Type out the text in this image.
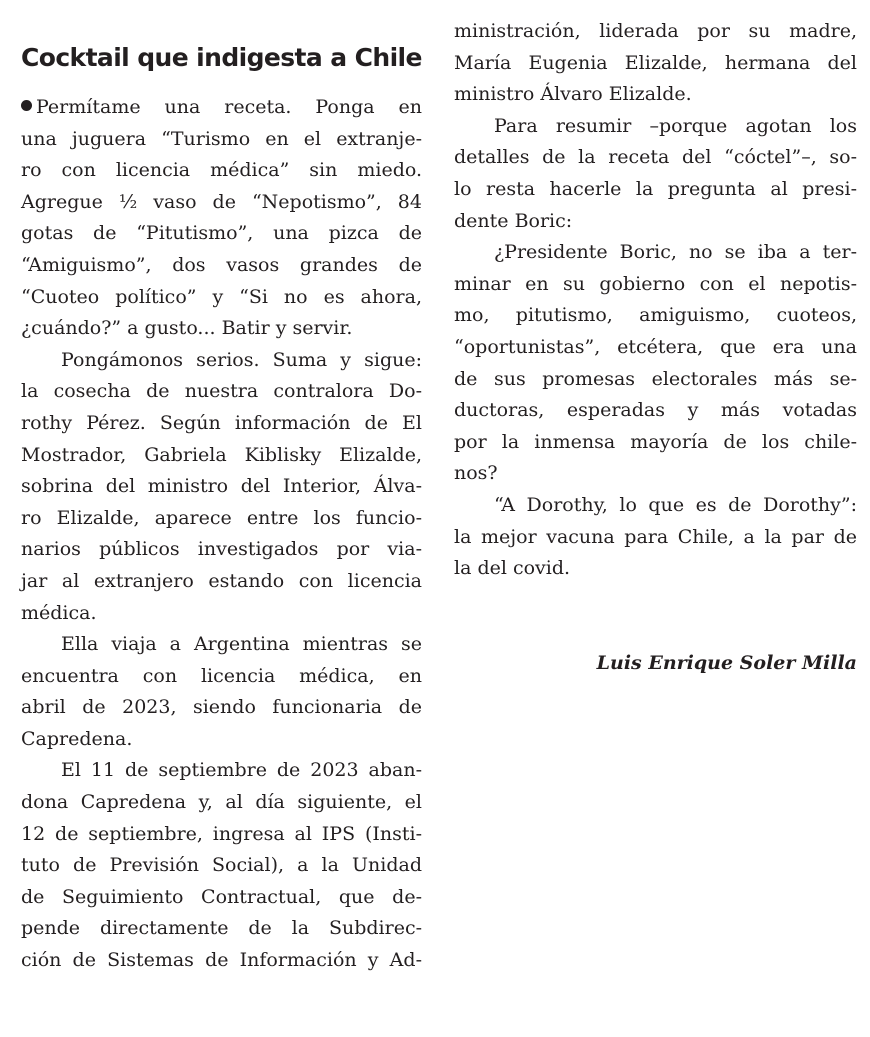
Cocktail que indigesta a Chile
Permítame una receta. Ponga en
una juguera “Turismo en el extranje-
ro con licencia médica” sin miedo.
Agregue ½ vaso de “Nepotismo”, 84
gotas de “Pitutismo”, una pizca de
“Amiguismo”, dos vasos grandes de
“Cuoteo político” y “Si no es ahora,
¿cuándo?” a gusto... Batir y servir.
Pongámonos serios. Suma y sigue:
la cosecha de nuestra contralora Do-
rothy Pérez. Según información de El
Mostrador, Gabriela Kiblisky Elizalde,
sobrina del ministro del Interior, Álva-
ro Elizalde, aparece entre los funcio-
narios públicos investigados por via-
jar al extranjero estando con licencia
médica.
Ella viaja a Argentina mientras se
encuentra con licencia médica, en
abril de 2023, siendo funcionaria de
Capredena.
El 11 de septiembre de 2023 aban-
dona Capredena y, al día siguiente, el
12 de septiembre, ingresa al IPS (Insti-
tuto de Previsión Social), a la Unidad
de Seguimiento Contractual, que de-
pende directamente de la Subdirec-
ción de Sistemas de Información y Ad-
ministración, liderada por su madre,
María Eugenia Elizalde, hermana del
ministro Álvaro Elizalde.
Para resumir –porque agotan los
detalles de la receta del “cóctel”–, so-
lo resta hacerle la pregunta al presi-
dente Boric:
¿Presidente Boric, no se iba a ter-
minar en su gobierno con el nepotis-
mo, pitutismo, amiguismo, cuoteos,
“oportunistas”, etcétera, que era una
de sus promesas electorales más se-
ductoras, esperadas y más votadas
por la inmensa mayoría de los chile-
nos?
“A Dorothy, lo que es de Dorothy”:
la mejor vacuna para Chile, a la par de
la del covid.
Luis Enrique Soler Milla
